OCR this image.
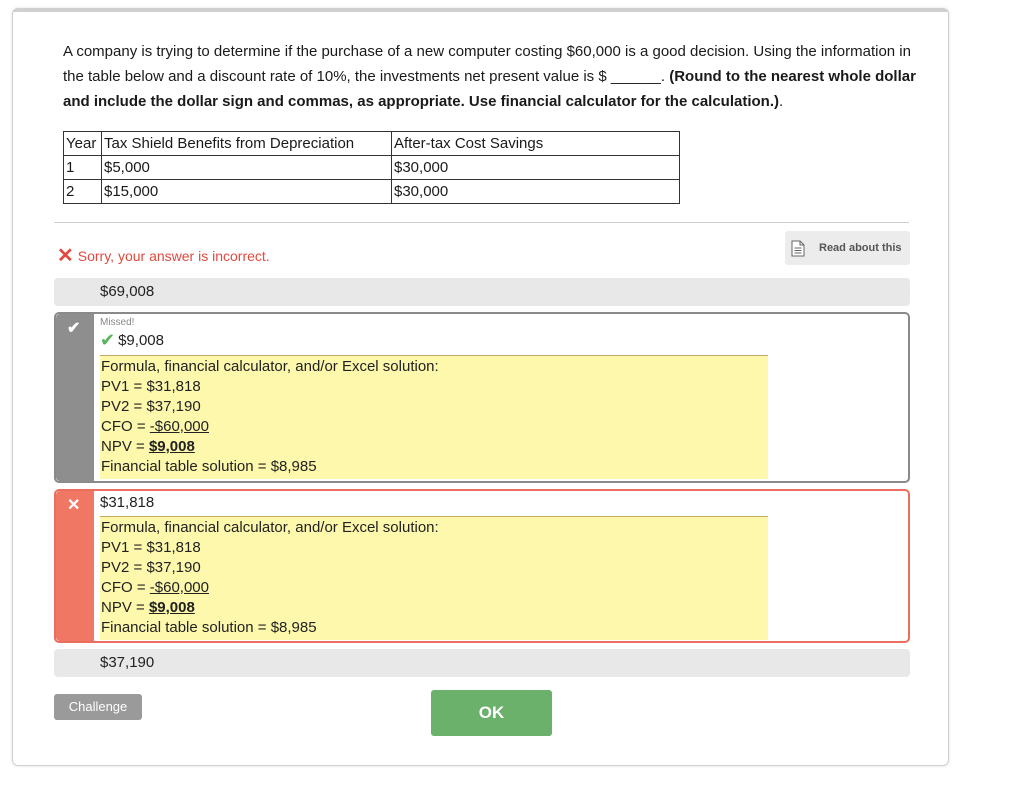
A company is trying to determine if the purchase of a new computer costing $60,000 is a good decision. Using the information in the table below and a discount rate of 10%, the investments net present value is $ ______. (Round to the nearest whole dollar and include the dollar sign and commas, as appropriate. Use financial calculator for the calculation.).

Year	Tax Shield Benefits from Depreciation	After-tax Cost Savings
1	$5,000	$30,000
2	$15,000	$30,000
Read about this
✕ Sorry, your answer is incorrect.
$69,008
✔ Missed!
✔ $9,008
Formula, financial calculator, and/or Excel solution:
PV1 = $31,818
PV2 = $37,190
CFO = -$60,000
NPV = $9,008
Financial table solution = $8,985
✕ $31,818
Formula, financial calculator, and/or Excel solution:
PV1 = $31,818
PV2 = $37,190
CFO = -$60,000
NPV = $9,008
Financial table solution = $8,985
$37,190
Challenge	OK
